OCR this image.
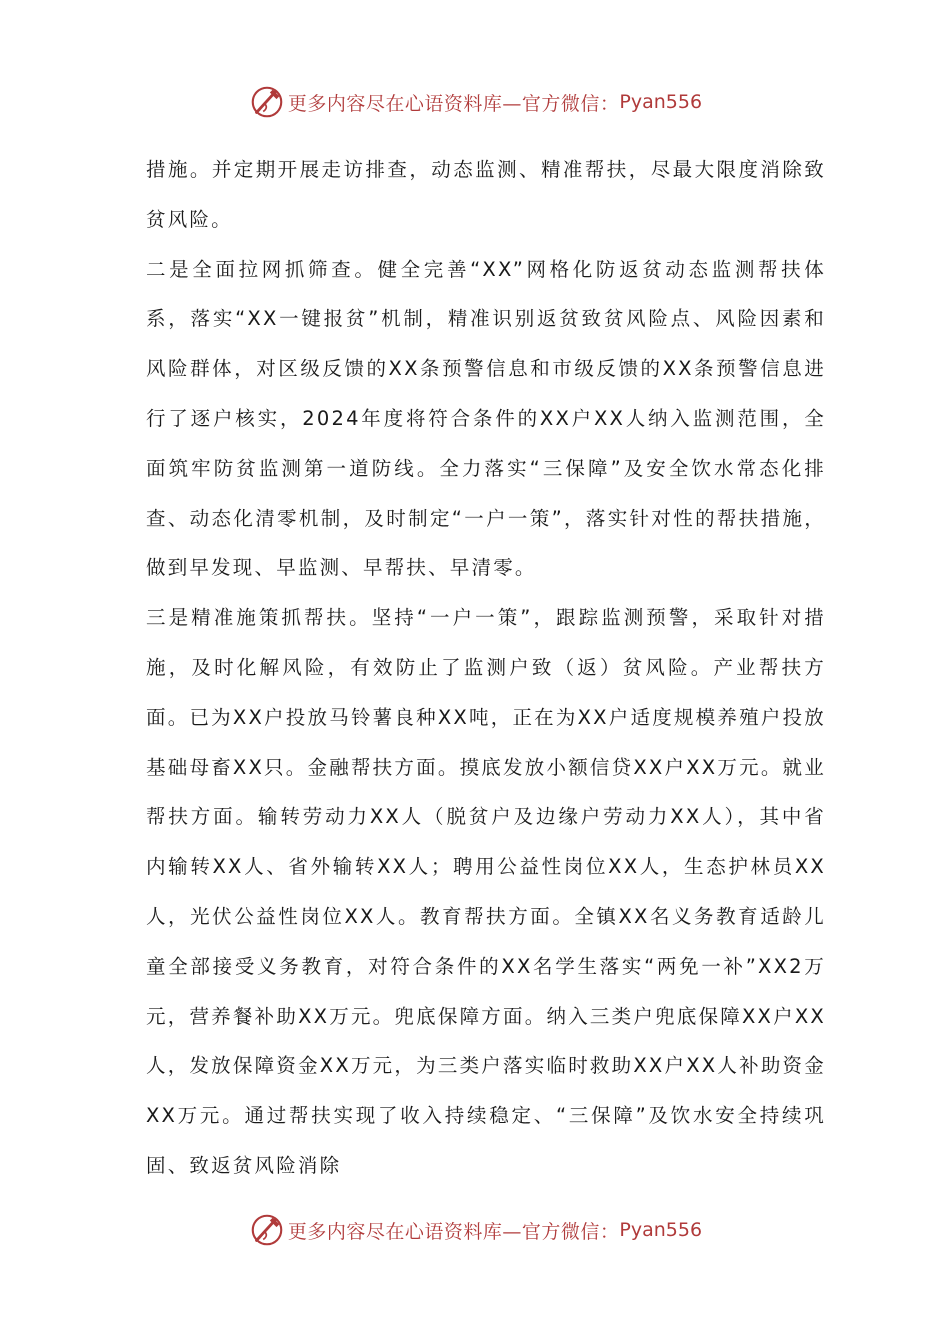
更多内容尽在心语资料库—官方微信： Pyan556

措施。并定期开展走访排查，动态监测、精准帮扶，尽最大限度消除致贫风险。

二是全面拉网抓筛查。健全完善“XX”网格化防返贫动态监测帮扶体系，落实“XX一键报贫”机制，精准识别返贫致贫风险点、风险因素和风险群体，对区级反馈的XX条预警信息和市级反馈的XX条预警信息进行了逐户核实，2024年度将符合条件的XX户XX人纳入监测范围，全面筑牢防贫监测第一道防线。全力落实“三保障”及安全饮水常态化排查、动态化清零机制，及时制定“一户一策”，落实针对性的帮扶措施，做到早发现、早监测、早帮扶、早清零。

三是精准施策抓帮扶。坚持“一户一策”，跟踪监测预警，采取针对措施，及时化解风险，有效防止了监测户致（返）贫风险。产业帮扶方面。已为XX户投放马铃薯良种XX吨，正在为XX户适度规模养殖户投放基础母畜XX只。金融帮扶方面。摸底发放小额信贷XX户XX万元。就业帮扶方面。输转劳动力XX人（脱贫户及边缘户劳动力XX人），其中省内输转XX人、省外输转XX人；聘用公益性岗位XX人，生态护林员XX人，光伏公益性岗位XX人。教育帮扶方面。全镇XX名义务教育适龄儿童全部接受义务教育，对符合条件的XX名学生落实“两免一补”XX2万元，营养餐补助XX万元。兜底保障方面。纳入三类户兜底保障XX户XX人，发放保障资金XX万元，为三类户落实临时救助XX户XX人补助资金XX万元。通过帮扶实现了收入持续稳定、“三保障”及饮水安全持续巩固、致返贫风险消除

更多内容尽在心语资料库—官方微信： Pyan556
